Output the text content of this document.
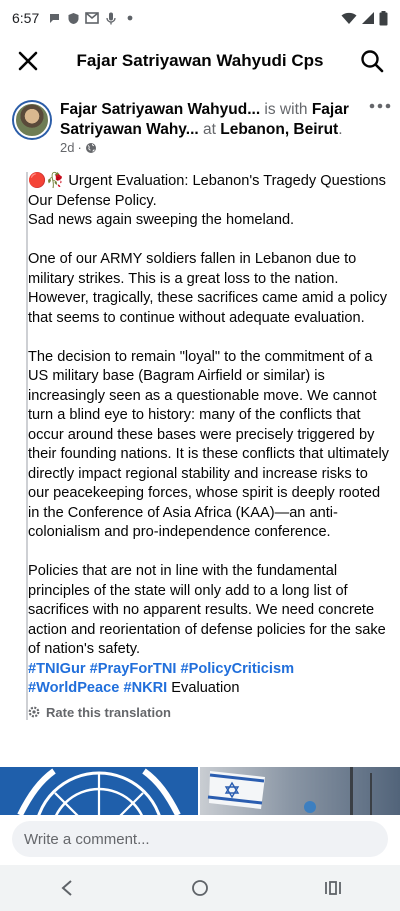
6:57
Fajar Satriyawan Wahyudi Cps
Fajar Satriyawan Wahyud... is with Fajar Satriyawan Wahy... at Lebanon, Beirut.
2d ·

🔴🥀 Urgent Evaluation: Lebanon's Tragedy Questions Our Defense Policy.
Sad news again sweeping the homeland.

One of our ARMY soldiers fallen in Lebanon due to military strikes. This is a great loss to the nation. However, tragically, these sacrifices came amid a policy that seems to continue without adequate evaluation.

The decision to remain "loyal" to the commitment of a US military base (Bagram Airfield or similar) is increasingly seen as a questionable move. We cannot turn a blind eye to history: many of the conflicts that occur around these bases were precisely triggered by their founding nations. It is these conflicts that ultimately directly impact regional stability and increase risks to our peacekeeping forces, whose spirit is deeply rooted in the Conference of Asia Africa (KAA)—an anti-colonialism and pro-independence conference.

Policies that are not in line with the fundamental principles of the state will only add to a long list of sacrifices with no apparent results. We need concrete action and reorientation of defense policies for the sake of nation's safety.
#TNIGur #PrayForTNI #PolicyCriticism
#WorldPeace #NKRI Evaluation

Rate this translation
Write a comment...
